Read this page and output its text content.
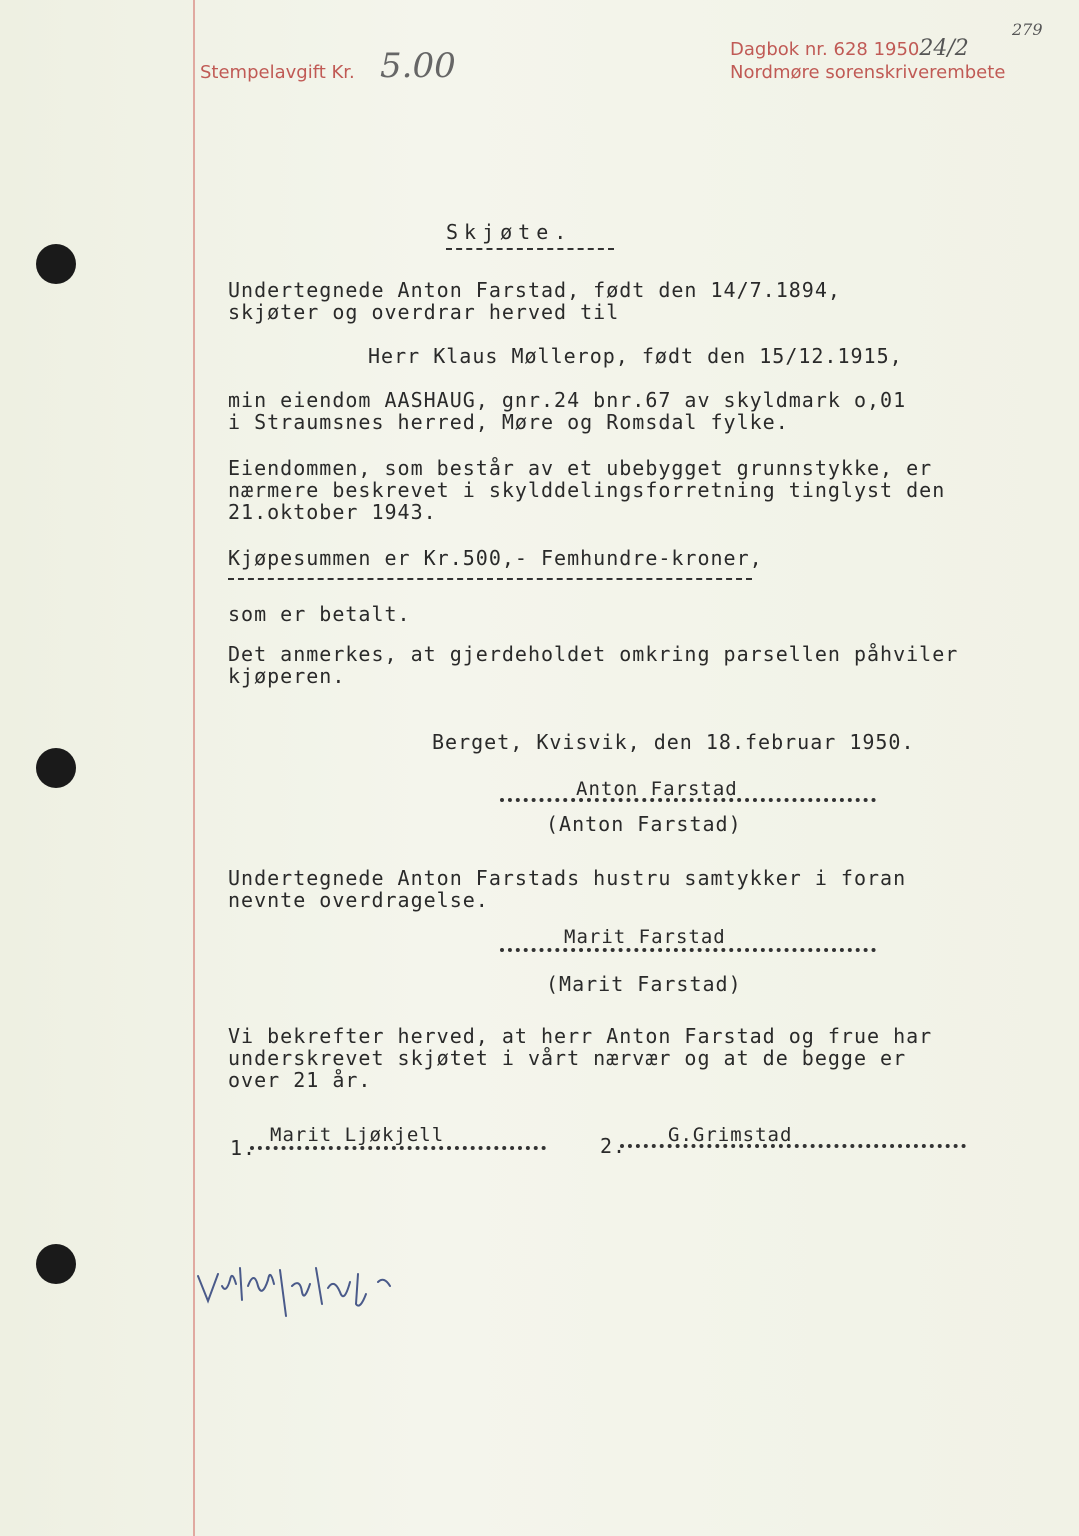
Stempelavgift Kr. 5.00	Dagbok nr. 628 195024/2
279
Nordmøre sorenskriverembete
Skjøte.
Undertegnede Anton Farstad, født den 14/7.1894,
skjøter og overdrar herved til
Herr Klaus Møllerop, født den 15/12.1915,
min eiendom AASHAUG, gnr.24 bnr.67 av skyldmark o,01
i Straumsnes herred, Møre og Romsdal fylke.
Eiendommen, som består av et ubebygget grunnstykke, er
nærmere beskrevet i skylddelingsforretning tinglyst den
21.oktober 1943.
Kjøpesummen er Kr.500,- Femhundre-kroner,
som er betalt.
Det anmerkes, at gjerdeholdet omkring parsellen påhviler
kjøperen.
Berget, Kvisvik, den 18.februar 1950.
Anton Farstad
(Anton Farstad)
Undertegnede Anton Farstads hustru samtykker i foran
nevnte overdragelse.
Marit Farstad
(Marit Farstad)
Vi bekrefter herved, at herr Anton Farstad og frue har
underskrevet skjøtet i vårt nærvær og at de begge er
over 21 år.
1.
Marit Ljøkjell	2. G.Grimstad
